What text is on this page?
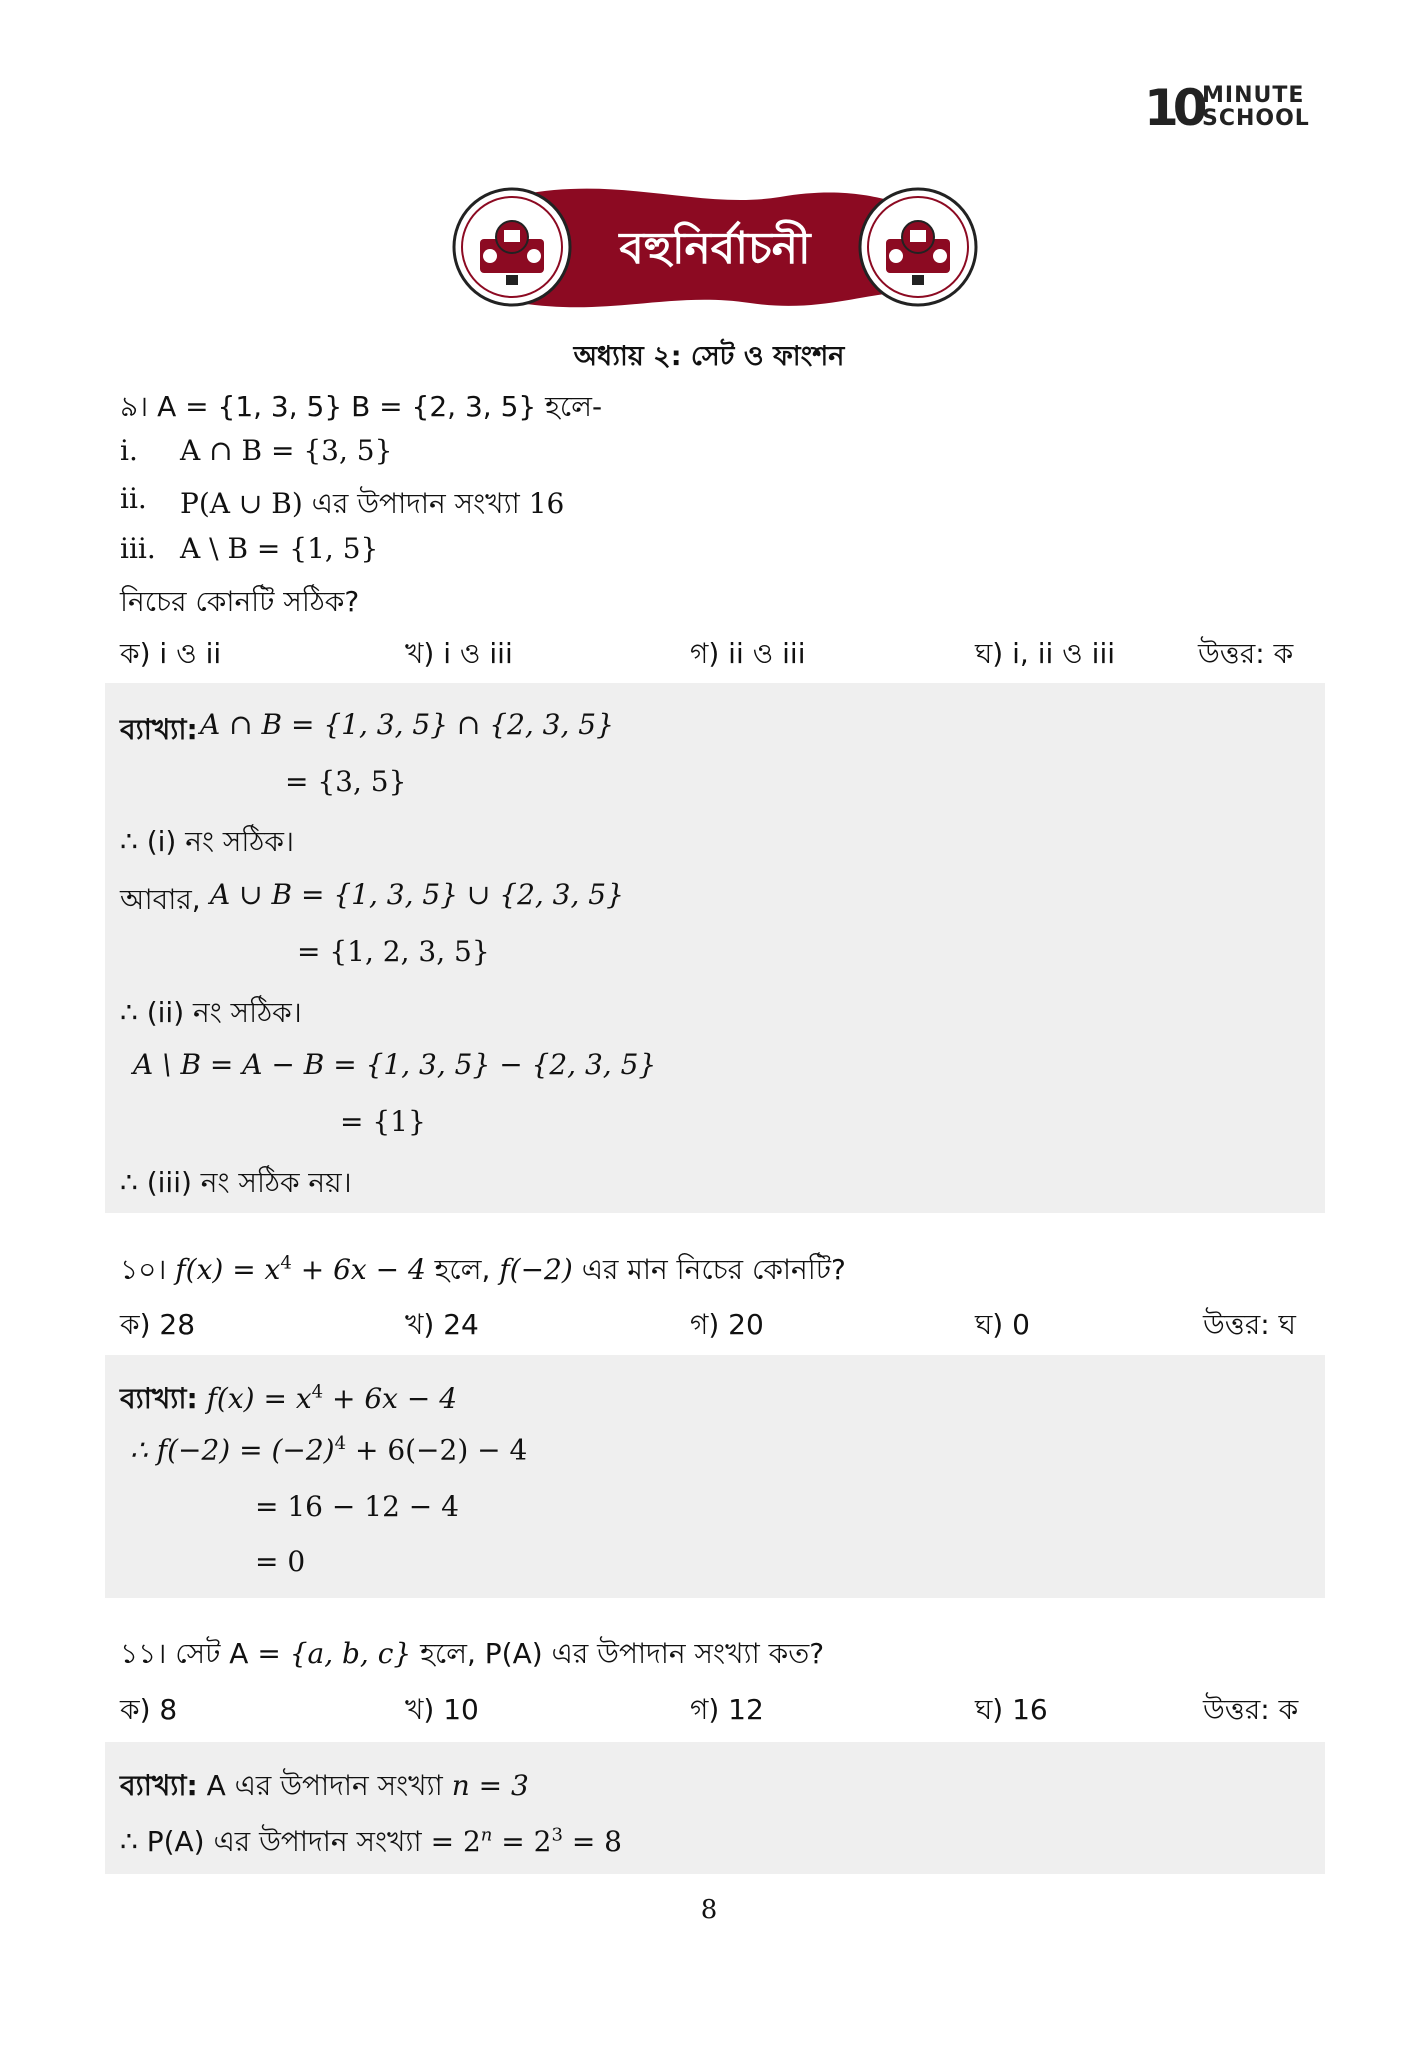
10 MINUTE
SCHOOL
বহুনির্বাচনী
অধ্যায় ২: সেট ও ফাংশন
৯। A = {1, 3, 5} B = {2, 3, 5} হলে-
i. A ∩ B = {3, 5}
ii. P(A ∪ B) এর উপাদান সংখ্যা 16
iii. A \ B = {1, 5}
নিচের কোনটি সঠিক?
ক) i ও ii	খ) i ও iii	গ) ii ও iii	ঘ) i, ii ও iii	উত্তর: ক
ব্যাখ্যা: A ∩ B = {1, 3, 5} ∩ {2, 3, 5}
= {3, 5}
∴ (i) নং সঠিক।
আবার, A ∪ B = {1, 3, 5} ∪ {2, 3, 5}
= {1, 2, 3, 5}
∴ (ii) নং সঠিক।
A \ B = A − B = {1, 3, 5} − {2, 3, 5}
= {1}
∴ (iii) নং সঠিক নয়।
১০। $f(x) = x^4 + 6x - 4$ হলে, f(−2) এর মান নিচের কোনটি?
ক) 28	খ) 24	গ) 20	ঘ) 0	উত্তর: ঘ
ব্যাখ্যা: $f(x) = x^4 + 6x - 4$
∴ $f(-2) = (-2)^4 + 6(-2) - 4$
= 16 − 12 − 4
= 0
১১। সেট A = {a, b, c} হলে, P(A) এর উপাদান সংখ্যা কত?
ক) 8	খ) 10	গ) 12	ঘ) 16	উত্তর: ক
ব্যাখ্যা: A এর উপাদান সংখ্যা n = 3
∴ P(A) এর উপাদান সংখ্যা = $2^n = 2^3 = 8$
8
